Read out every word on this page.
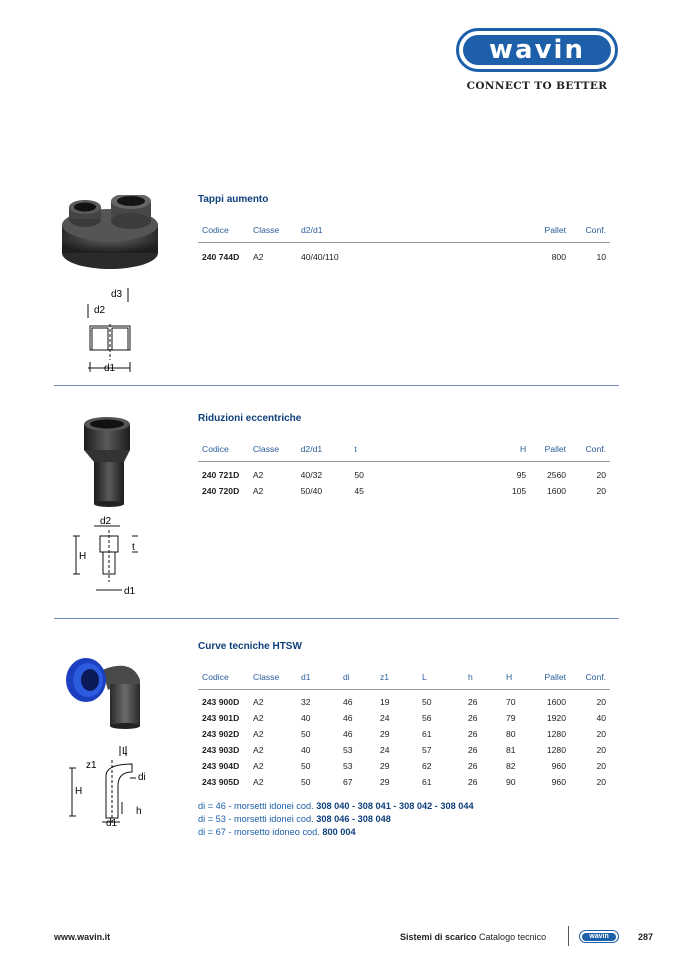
wavin
CONNECT TO BETTER
d3
d2
d1
Tappi aumento
Codice	Classe	d2/d1	Pallet	Conf.

240 744D	A2	40/40/110	800	10
d2
t
H
d1
Riduzioni eccentriche
Codice	Classe	d2/d1	t	H	Pallet	Conf.

240 721D	A2	40/32	50	95	2560	20
240 720D	A2	50/40	45	105	1600	20
z1
L
di
H
h
d1
Curve tecniche HTSW
Codice	Classe	d1	di	z1	L	h	H	Pallet	Conf.

243 900D	A2	32	46	19	50	26	70	1600	20
243 901D	A2	40	46	24	56	26	79	1920	40
243 902D	A2	50	46	29	61	26	80	1280	20
243 903D	A2	40	53	24	57	26	81	1280	20
243 904D	A2	50	53	29	62	26	82	960	20
243 905D	A2	50	67	29	61	26	90	960	20
di = 46 - morsetti idonei cod. 308 040 - 308 041 - 308 042 - 308 044
di = 53 - morsetti idonei cod. 308 046 - 308 048
di = 67 - morsetto idoneo cod. 800 004
www.wavin.it	Sistemi di scarico Catalogo tecnico	wavin	287
